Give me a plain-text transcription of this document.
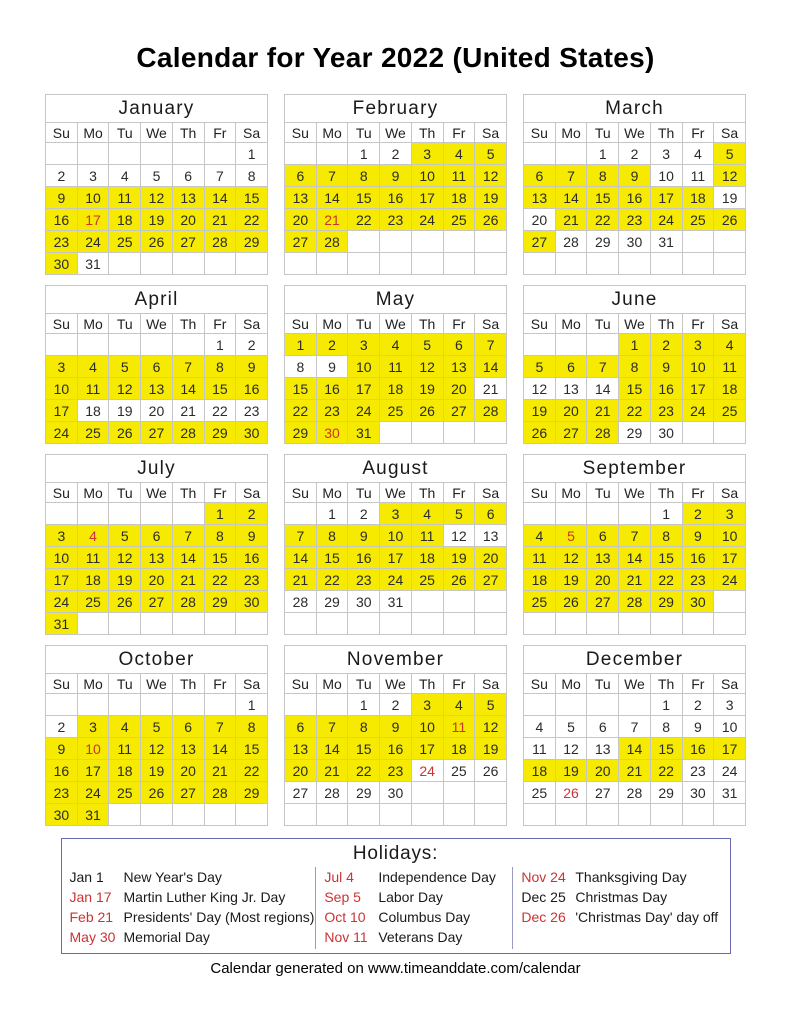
Calendar for Year 2022 (United States)
January						
Su	Mo	Tu	We	Th	Fr	Sa
						1
2	3	4	5	6	7	8
9	10	11	12	13	14	15
16	17	18	19	20	21	22
23	24	25	26	27	28	29
30	31					
February						
Su	Mo	Tu	We	Th	Fr	Sa
		1	2	3	4	5
6	7	8	9	10	11	12
13	14	15	16	17	18	19
20	21	22	23	24	25	26
27	28					

March						
Su	Mo	Tu	We	Th	Fr	Sa
		1	2	3	4	5
6	7	8	9	10	11	12
13	14	15	16	17	18	19
20	21	22	23	24	25	26
27	28	29	30	31		

April						
Su	Mo	Tu	We	Th	Fr	Sa
					1	2
3	4	5	6	7	8	9
10	11	12	13	14	15	16
17	18	19	20	21	22	23
24	25	26	27	28	29	30
May						
Su	Mo	Tu	We	Th	Fr	Sa
1	2	3	4	5	6	7
8	9	10	11	12	13	14
15	16	17	18	19	20	21
22	23	24	25	26	27	28
29	30	31				
June						
Su	Mo	Tu	We	Th	Fr	Sa
			1	2	3	4
5	6	7	8	9	10	11
12	13	14	15	16	17	18
19	20	21	22	23	24	25
26	27	28	29	30		
July						
Su	Mo	Tu	We	Th	Fr	Sa
					1	2
3	4	5	6	7	8	9
10	11	12	13	14	15	16
17	18	19	20	21	22	23
24	25	26	27	28	29	30
31						
August						
Su	Mo	Tu	We	Th	Fr	Sa
	1	2	3	4	5	6
7	8	9	10	11	12	13
14	15	16	17	18	19	20
21	22	23	24	25	26	27
28	29	30	31			

September						
Su	Mo	Tu	We	Th	Fr	Sa
				1	2	3
4	5	6	7	8	9	10
11	12	13	14	15	16	17
18	19	20	21	22	23	24
25	26	27	28	29	30	

October						
Su	Mo	Tu	We	Th	Fr	Sa
						1
2	3	4	5	6	7	8
9	10	11	12	13	14	15
16	17	18	19	20	21	22
23	24	25	26	27	28	29
30	31					
November						
Su	Mo	Tu	We	Th	Fr	Sa
		1	2	3	4	5
6	7	8	9	10	11	12
13	14	15	16	17	18	19
20	21	22	23	24	25	26
27	28	29	30			

December						
Su	Mo	Tu	We	Th	Fr	Sa
				1	2	3
4	5	6	7	8	9	10
11	12	13	14	15	16	17
18	19	20	21	22	23	24
25	26	27	28	29	30	31

Holidays:
Jan 1	New Year's Day
Jan 17 Martin Luther King Jr. Day
Feb 21 Presidents' Day (Most regions)
May 30 Memorial Day
Jul 4	Independence Day
Sep 5	Labor Day
Oct 10 Columbus Day
Nov 11 Veterans Day
Nov 24 Thanksgiving Day
Dec 25 Christmas Day
Dec 26 'Christmas Day' day off
Calendar generated on www.timeanddate.com/calendar
